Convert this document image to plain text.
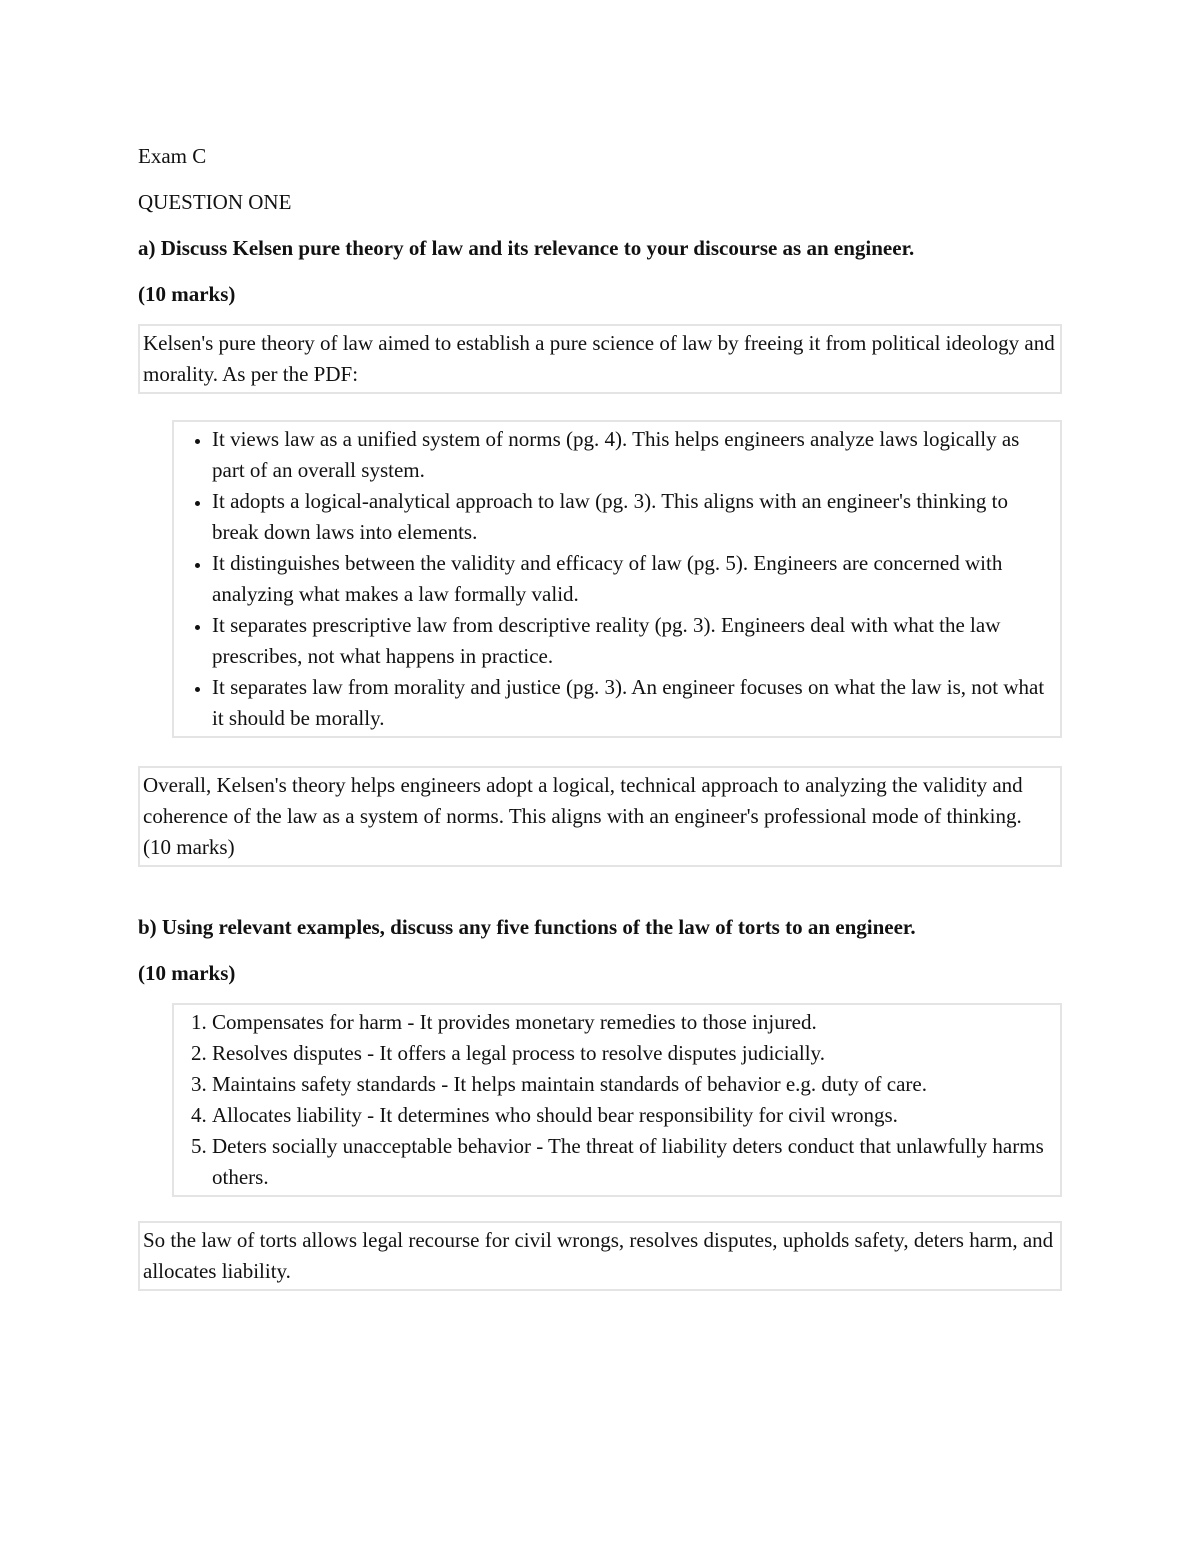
Exam C

QUESTION ONE

a) Discuss Kelsen pure theory of law and its relevance to your discourse as an engineer.

(10 marks)

Kelsen's pure theory of law aimed to establish a pure science of law by freeing it from political ideology and morality. As per the PDF:

• It views law as a unified system of norms (pg. 4). This helps engineers analyze laws logically as part of an overall system.
• It adopts a logical-analytical approach to law (pg. 3). This aligns with an engineer's thinking to break down laws into elements.
• It distinguishes between the validity and efficacy of law (pg. 5). Engineers are concerned with analyzing what makes a law formally valid.
• It separates prescriptive law from descriptive reality (pg. 3). Engineers deal with what the law prescribes, not what happens in practice.
• It separates law from morality and justice (pg. 3). An engineer focuses on what the law is, not what it should be morally.

Overall, Kelsen's theory helps engineers adopt a logical, technical approach to analyzing the validity and coherence of the law as a system of norms. This aligns with an engineer's professional mode of thinking.

(10 marks)

b) Using relevant examples, discuss any five functions of the law of torts to an engineer.

(10 marks)

1. Compensates for harm - It provides monetary remedies to those injured.
2. Resolves disputes - It offers a legal process to resolve disputes judicially.
3. Maintains safety standards - It helps maintain standards of behavior e.g. duty of care.
4. Allocates liability - It determines who should bear responsibility for civil wrongs.
5. Deters socially unacceptable behavior - The threat of liability deters conduct that unlawfully harms others.

So the law of torts allows legal recourse for civil wrongs, resolves disputes, upholds safety, deters harm, and allocates liability.
